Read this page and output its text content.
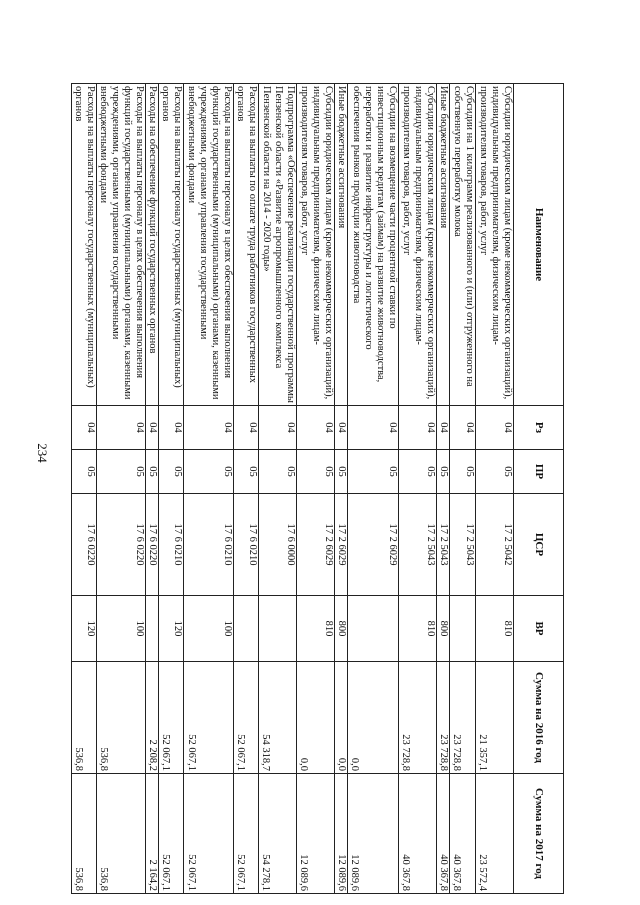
234
Наименование	Рз	ПР	ЦСР	ВР	Сумма на 2016 год	Сумма на 2017 год
Субсидии юридическим лицам (кроме некоммерческих организаций), индивидуальным предпринимателям, физическим лицам-производителям товаров, работ, услуг	04	05	17 2 5042	810	21 357,1	23 572,4
Субсидии на 1 килограмм реализованного и (или) отгруженного на собственную переработку молока	04	05	17 2 5043		23 728,8	40 367,8
Иные бюджетные ассигнования	04	05	17 2 5043	800	23 728,8	40 367,8
Субсидии юридическим лицам (кроме некоммерческих организаций), индивидуальным предпринимателям, физическим лицам-производителям товаров, работ, услуг	04	05	17 2 5043	810	23 728,8	40 367,8
Субсидии на возмещение части процентной ставки по инвестиционным кредитам (займам) на развитие животноводства, переработки и развитие инфраструктуры и логистического обеспечения рынков продукции животноводства	04	05	17 2 6029		0,0	12 089,6
Иные бюджетные ассигнования	04	05	17 2 6029	800	0,0	12 089,6
Субсидии юридическим лицам (кроме некоммерческих организаций), индивидуальным предпринимателям, физическим лицам-производителям товаров, работ, услуг	04	05	17 2 6029	810	0,0	12 089,6
Подпрограмма «Обеспечение реализации государственной программы Пензенской области «Развитие агропромышленного комплекса Пензенской области на 2014 - 2020 годы»	04	05	17 6 0000		54 318,7	54 278,1
Расходы на выплаты по оплате труда работников государственных органов	04	05	17 6 0210		52 067,1	52 067,1
Расходы на выплаты персоналу в целях обеспечения выполнения функций государственными (муниципальными) органами, казенными учреждениями, органами управления государственными внебюджетными фондами	04	05	17 6 0210	100	52 067,1	52 067,1
Расходы на выплаты персоналу государственных (муниципальных) органов	04	05	17 6 0210	120	52 067,1	52 067,1
Расходы на обеспечение функций государственных органов	04	05	17 6 0220		2 208,2	2 164,2
Расходы на выплаты персоналу в целях обеспечения выполнения функций государственными (муниципальными) органами, казенными учреждениями, органами управления государственными внебюджетными фондами	04	05	17 6 0220	100	536,8	536,8
Расходы на выплаты персоналу государственных (муниципальных) органов	04	05	17 6 0220	120	536,8	536,8
